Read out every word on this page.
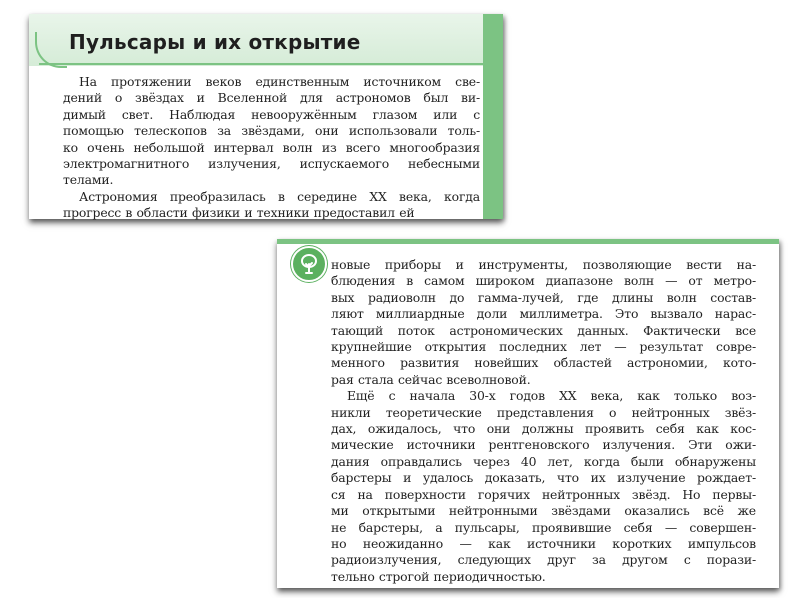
Пульсары и их открытие

На протяжении веков единственным источником све-
дений о звёздах и Вселенной для астрономов был ви-
димый свет. Наблюдая невооружённым глазом или с
помощью телескопов за звёздами, они использовали толь-
ко очень небольшой интервал волн из всего многообразия
электромагнитного излучения, испускаемого небесными
телами.

Астрономия преобразилась в середине XX века, когда
прогресс в области физики и техники предоставил ей

новые приборы и инструменты, позволяющие вести на-
блюдения в самом широком диапазоне волн — от метро-
вых радиоволн до гамма-лучей, где длины волн состав-
ляют миллиардные доли миллиметра. Это вызвало нарас-
тающий поток астрономических данных. Фактически все
крупнейшие открытия последних лет — результат совре-
менного развития новейших областей астрономии, кото-
рая стала сейчас всеволновой.

Ещё с начала 30-х годов XX века, как только воз-
никли теоретические представления о нейтронных звёз-
дах, ожидалось, что они должны проявить себя как кос-
мические источники рентгеновского излучения. Эти ожи-
дания оправдались через 40 лет, когда были обнаружены
барстеры и удалось доказать, что их излучение рождает-
ся на поверхности горячих нейтронных звёзд. Но первы-
ми открытыми нейтронными звёздами оказались всё же
не барстеры, а пульсары, проявившие себя — совершен-
но неожиданно — как источники коротких импульсов
радиоизлучения, следующих друг за другом с порази-
тельно строгой периодичностью.
